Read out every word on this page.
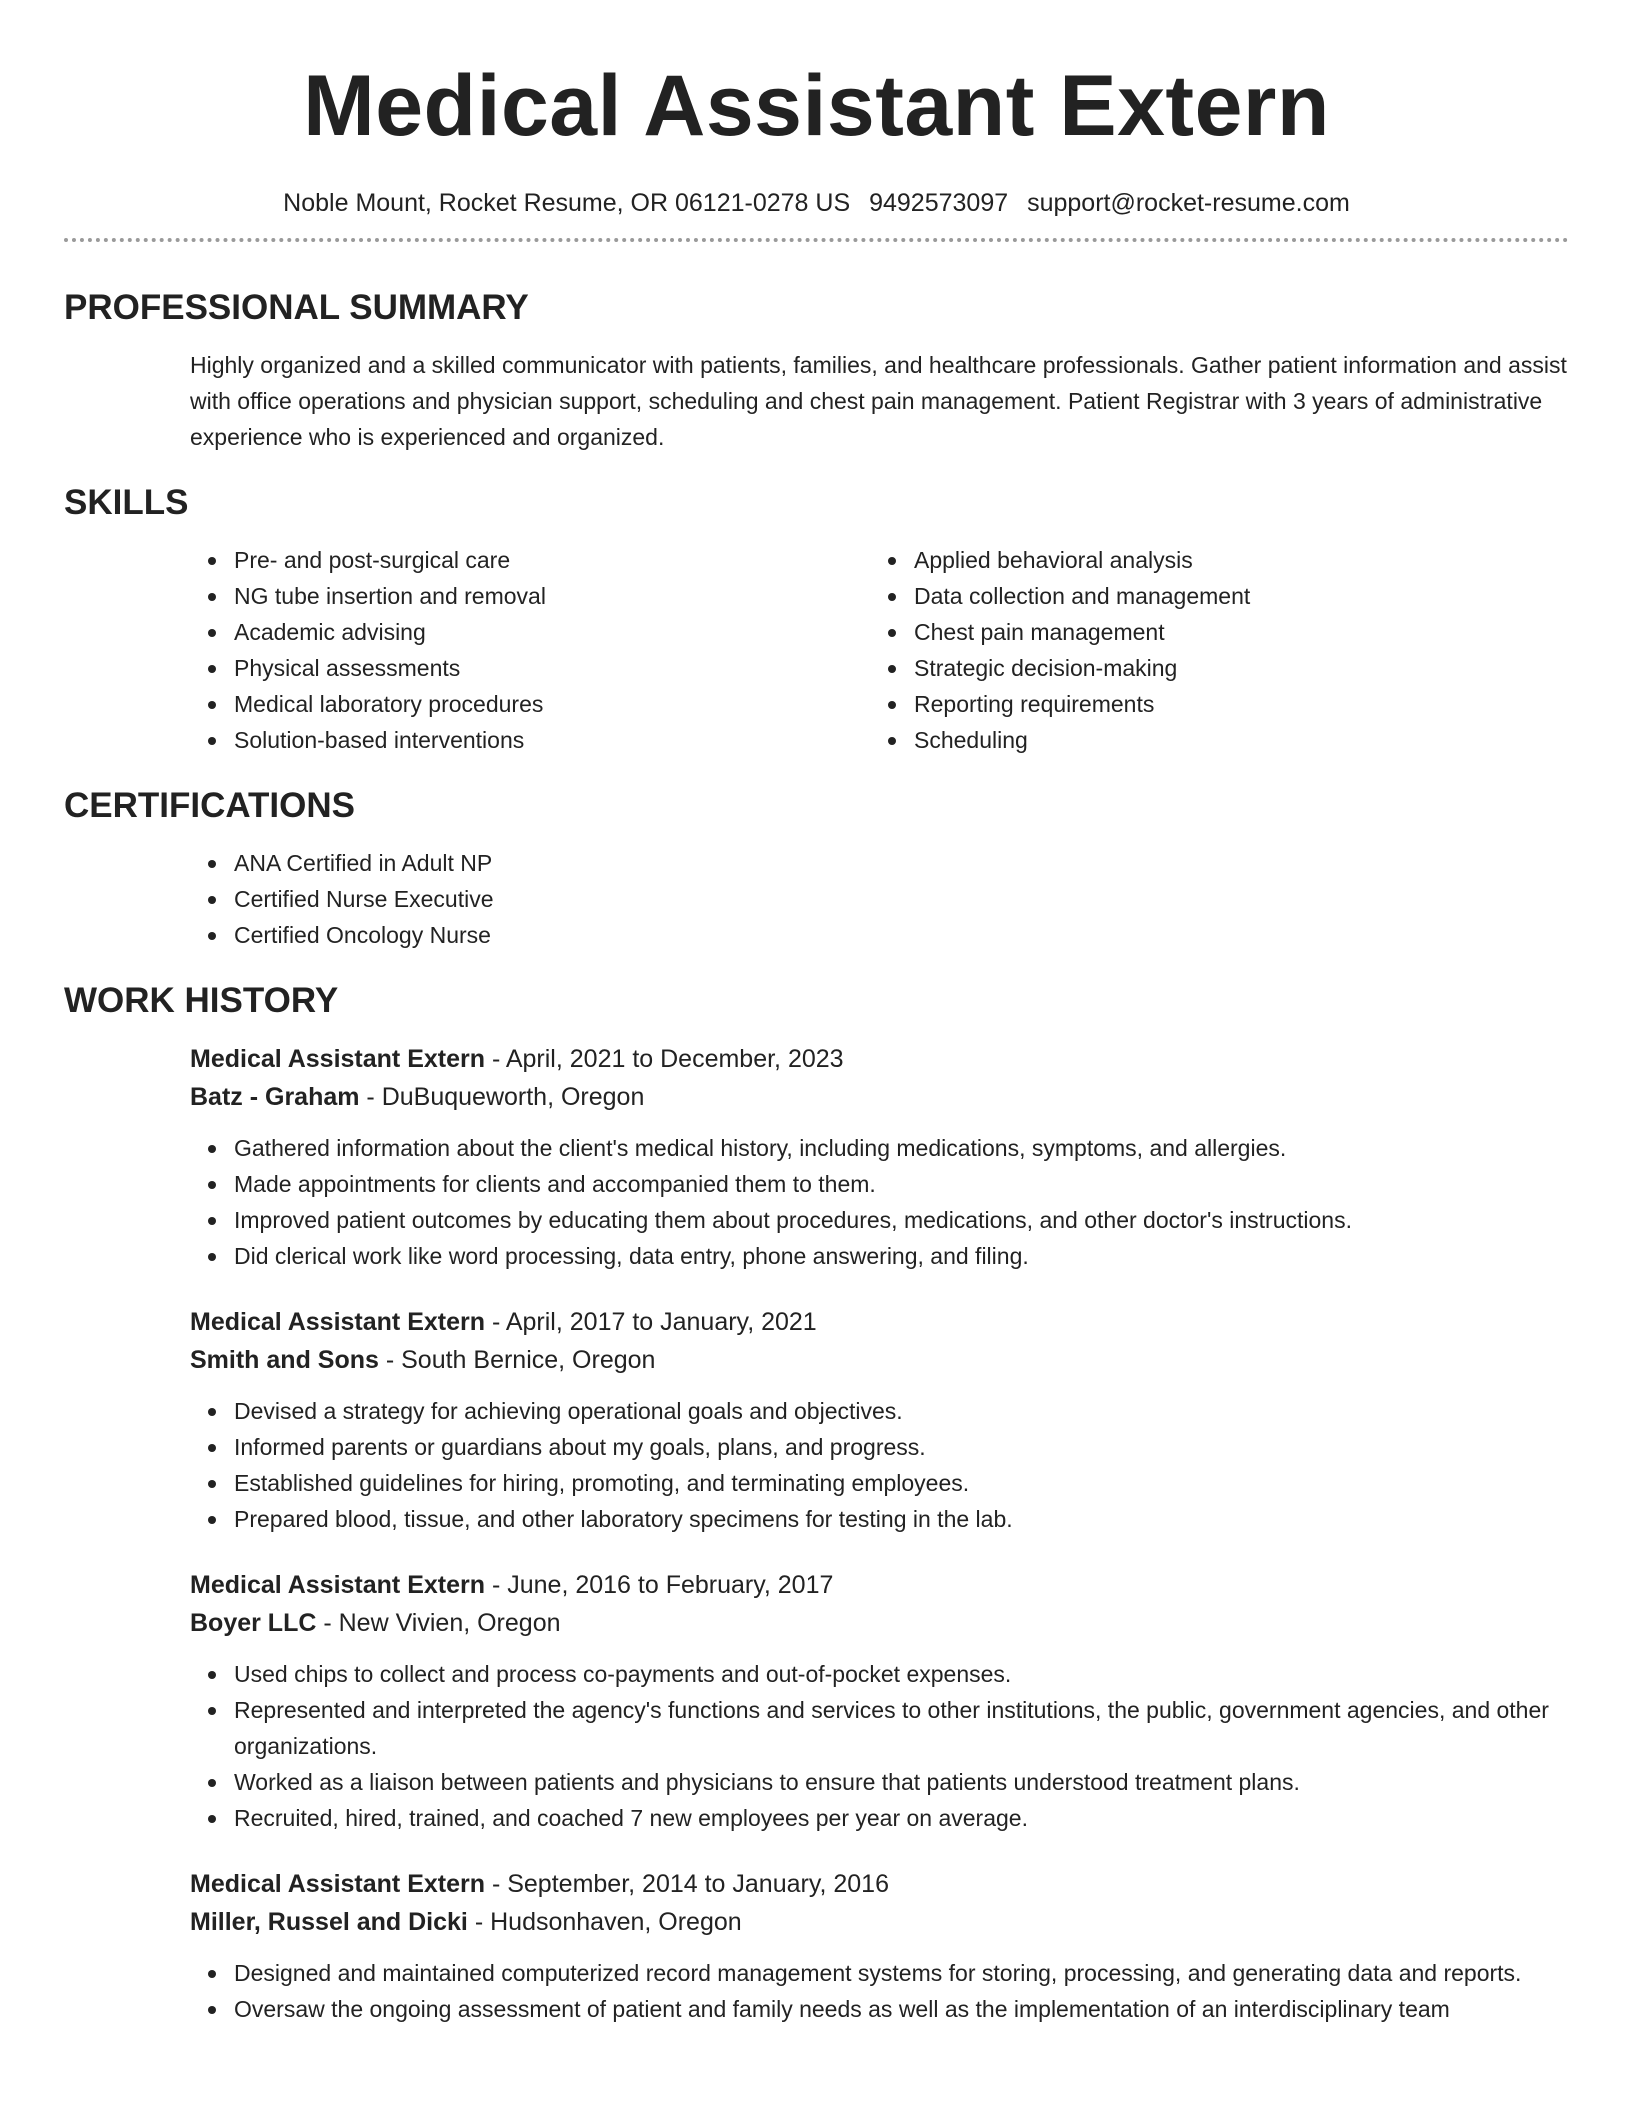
Medical Assistant Extern
Noble Mount, Rocket Resume, OR 06121-0278 US 9492573097 support@rocket-resume.com
PROFESSIONAL SUMMARY

Highly organized and a skilled communicator with patients, families, and healthcare professionals. Gather patient information and assist with office operations and physician support, scheduling and chest pain management. Patient Registrar with 3 years of administrative experience who is experienced and organized.

SKILLS
Pre- and post-surgical care
NG tube insertion and removal
Academic advising
Physical assessments
Medical laboratory procedures
Solution-based interventions
Applied behavioral analysis
Data collection and management
Chest pain management
Strategic decision-making
Reporting requirements
Scheduling
CERTIFICATIONS
ANA Certified in Adult NP
Certified Nurse Executive
Certified Oncology Nurse
WORK HISTORY
Medical Assistant Extern - April, 2021 to December, 2023
Batz - Graham - DuBuqueworth, Oregon
Gathered information about the client's medical history, including medications, symptoms, and allergies.
Made appointments for clients and accompanied them to them.
Improved patient outcomes by educating them about procedures, medications, and other doctor's instructions.
Did clerical work like word processing, data entry, phone answering, and filing.
Medical Assistant Extern - April, 2017 to January, 2021
Smith and Sons - South Bernice, Oregon
Devised a strategy for achieving operational goals and objectives.
Informed parents or guardians about my goals, plans, and progress.
Established guidelines for hiring, promoting, and terminating employees.
Prepared blood, tissue, and other laboratory specimens for testing in the lab.
Medical Assistant Extern - June, 2016 to February, 2017
Boyer LLC - New Vivien, Oregon
Used chips to collect and process co-payments and out-of-pocket expenses.
Represented and interpreted the agency's functions and services to other institutions, the public, government agencies, and other organizations.
Worked as a liaison between patients and physicians to ensure that patients understood treatment plans.
Recruited, hired, trained, and coached 7 new employees per year on average.
Medical Assistant Extern - September, 2014 to January, 2016
Miller, Russel and Dicki - Hudsonhaven, Oregon
Designed and maintained computerized record management systems for storing, processing, and generating data and reports.
Oversaw the ongoing assessment of patient and family needs as well as the implementation of an interdisciplinary team
